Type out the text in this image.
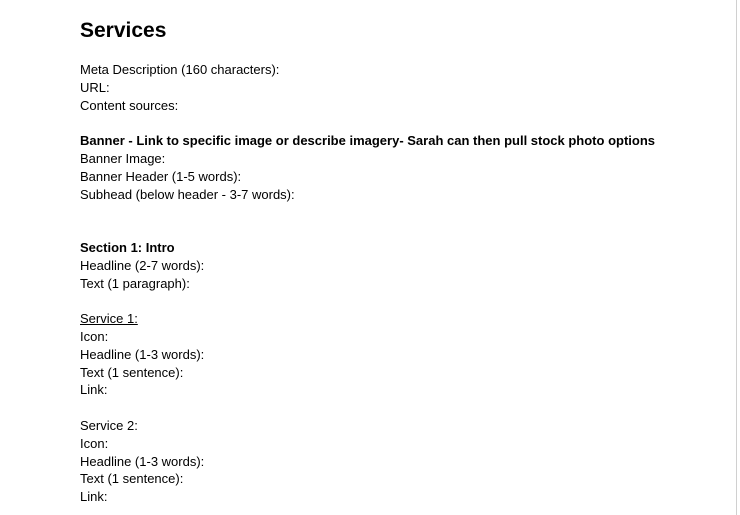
Services
Meta Description (160 characters):
URL:
Content sources:
Banner - Link to specific image or describe imagery- Sarah can then pull stock photo options
Banner Image:
Banner Header (1-5 words):
Subhead (below header - 3-7 words):
Section 1: Intro
Headline (2-7 words):
Text (1 paragraph):
Service 1:
Icon:
Headline (1-3 words):
Text (1 sentence):
Link:
Service 2:
Icon:
Headline (1-3 words):
Text (1 sentence):
Link:
